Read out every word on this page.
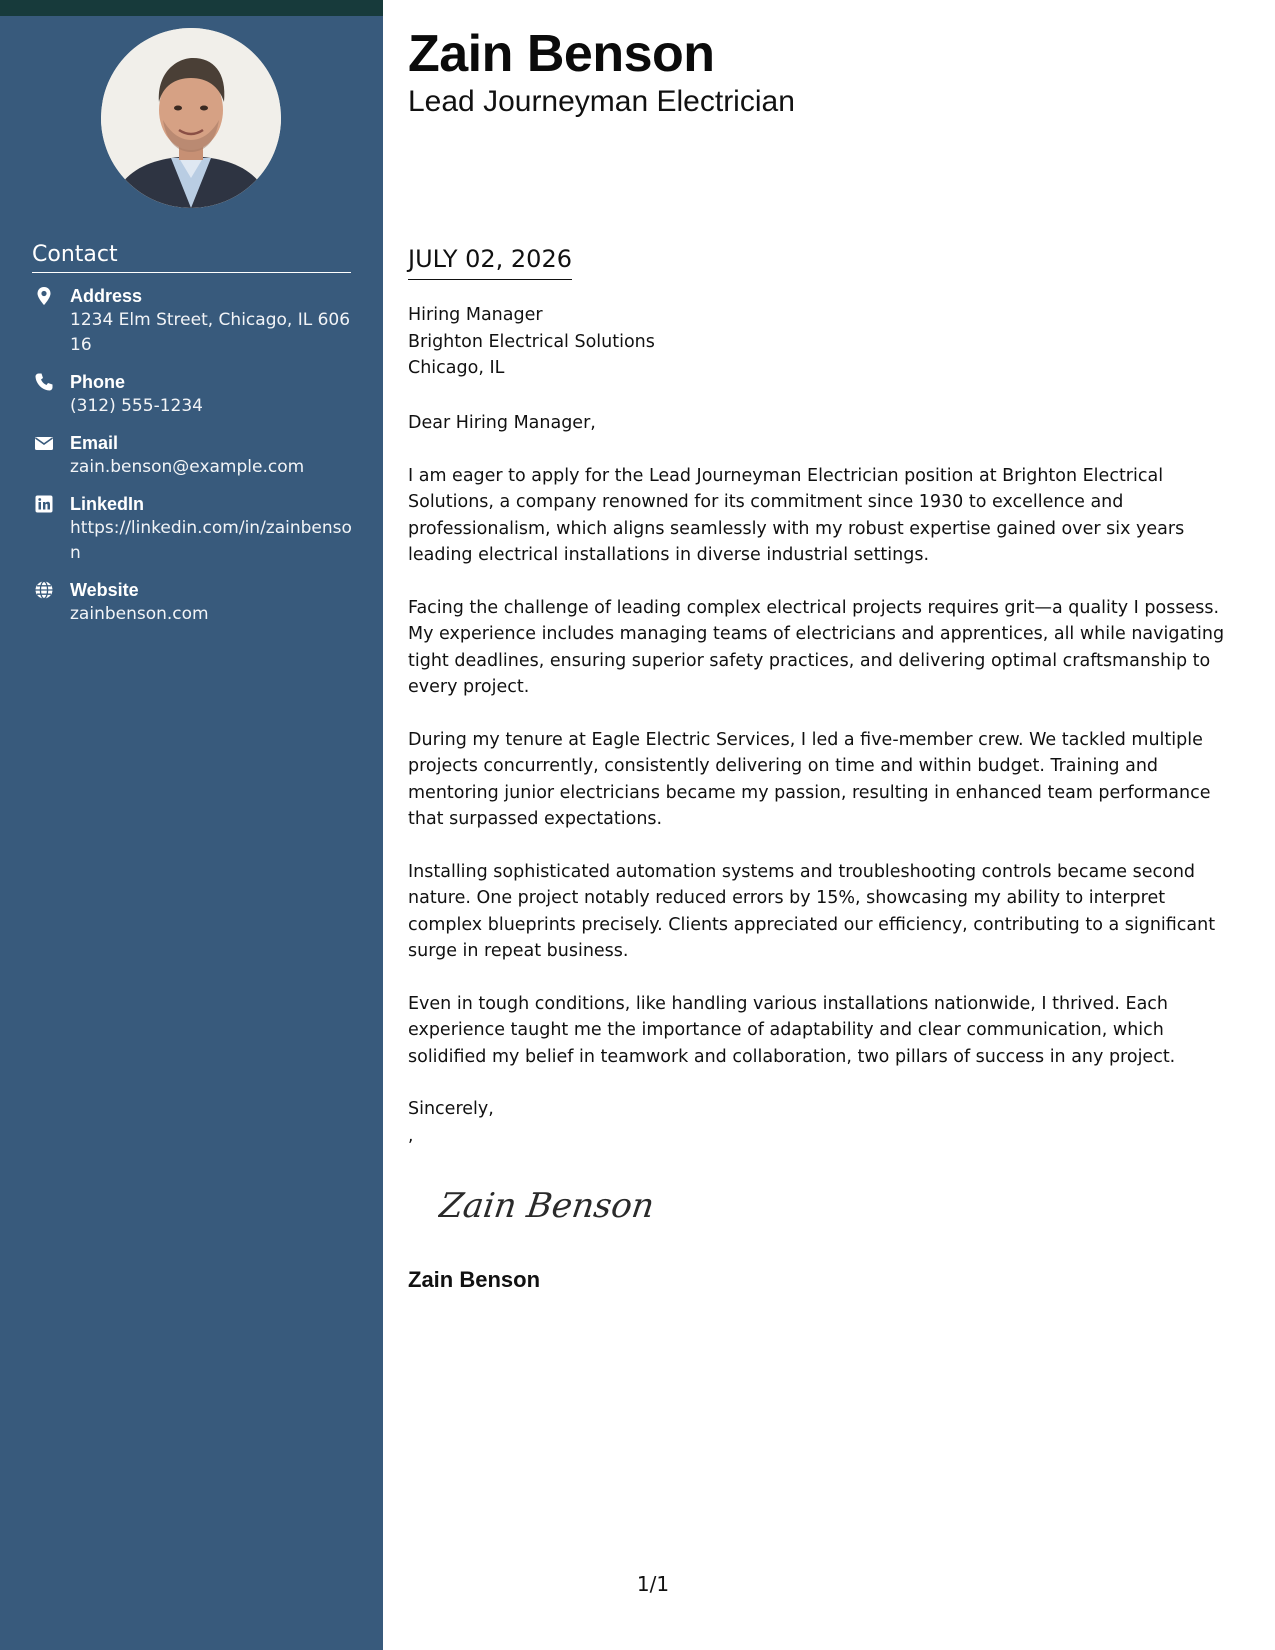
Contact
Address
1234 Elm Street, Chicago, IL 60616
Phone
(312) 555-1234
Email
zain.benson@example.com
LinkedIn
https://linkedin.com/in/zainbenson
Website
zainbenson.com
Zain Benson
Lead Journeyman Electrician
JULY 02, 2026
Hiring Manager
Brighton Electrical Solutions
Chicago, IL

Dear Hiring Manager,

I am eager to apply for the Lead Journeyman Electrician position at Brighton Electrical Solutions, a company renowned for its commitment since 1930 to excellence and professionalism, which aligns seamlessly with my robust expertise gained over six years leading electrical installations in diverse industrial settings.

Facing the challenge of leading complex electrical projects requires grit—a quality I possess. My experience includes managing teams of electricians and apprentices, all while navigating tight deadlines, ensuring superior safety practices, and delivering optimal craftsmanship to every project.

During my tenure at Eagle Electric Services, I led a five-member crew. We tackled multiple projects concurrently, consistently delivering on time and within budget. Training and mentoring junior electricians became my passion, resulting in enhanced team performance that surpassed expectations.

Installing sophisticated automation systems and troubleshooting controls became second nature. One project notably reduced errors by 15%, showcasing my ability to interpret complex blueprints precisely. Clients appreciated our efficiency, contributing to a significant surge in repeat business.

Even in tough conditions, like handling various installations nationwide, I thrived. Each experience taught me the importance of adaptability and clear communication, which solidified my belief in teamwork and collaboration, two pillars of success in any project.

Sincerely,

,
Zain Benson
Zain Benson
1/1
